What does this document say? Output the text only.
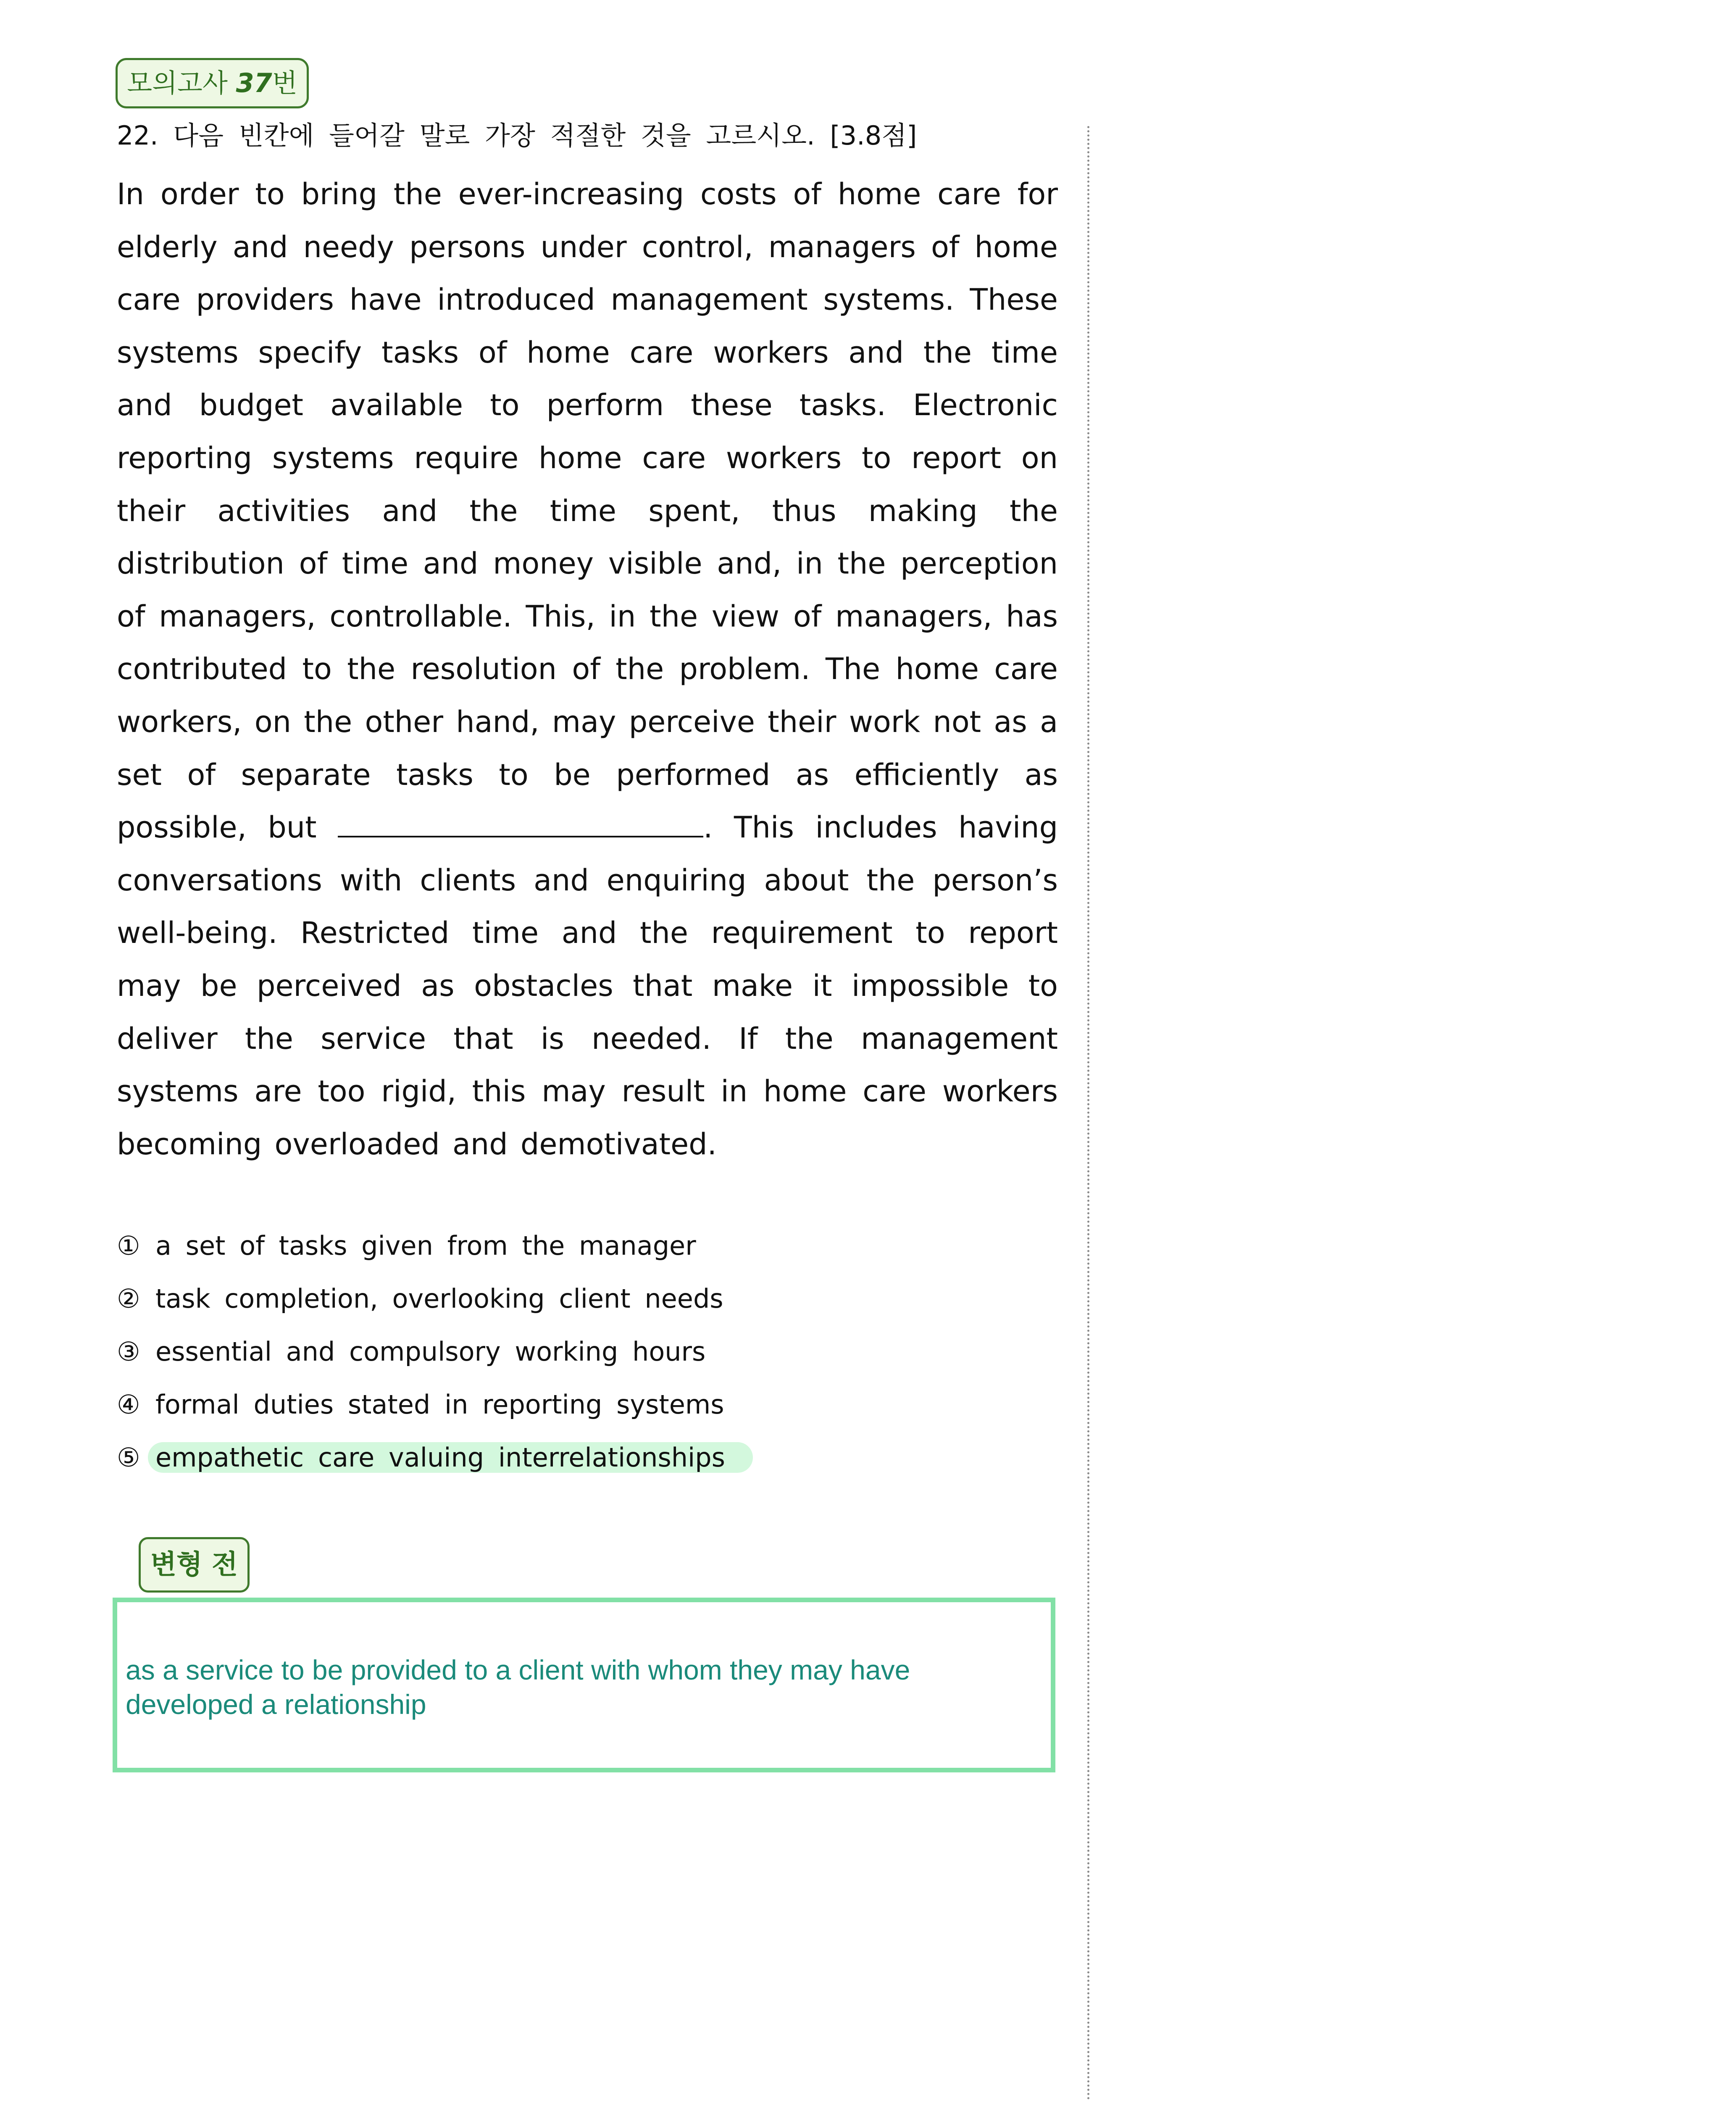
모의고사 37번
22. 다음 빈칸에 들어갈 말로 가장 적절한 것을 고르시오. [3.8점]

In order to bring the ever-increasing costs of home care for elderly and needy persons under control, managers of home care providers have introduced management systems. These systems specify tasks of home care workers and the time and budget available to perform these tasks. Electronic reporting systems require home care workers to report on their activities and the time spent, thus making the distribution of time and money visible and, in the perception of managers, controllable. This, in the view of managers, has contributed to the resolution of the problem. The home care workers, on the other hand, may perceive their work not as a set of separate tasks to be performed as efficiently as possible, but	. This includes having conversations with clients and enquiring about the person’s well-being. Restricted time and the requirement to report may be perceived as obstacles that make it impossible to deliver the service that is needed. If the management systems are too rigid, this may result in home care workers becoming overloaded and demotivated.

① a set of tasks given from the manager
② task completion, overlooking client needs
③ essential and compulsory working hours
④ formal duties stated in reporting systems
⑤ empathetic care valuing interrelationships
변형 전

as a service to be provided to a client with whom they may have developed a relationship
